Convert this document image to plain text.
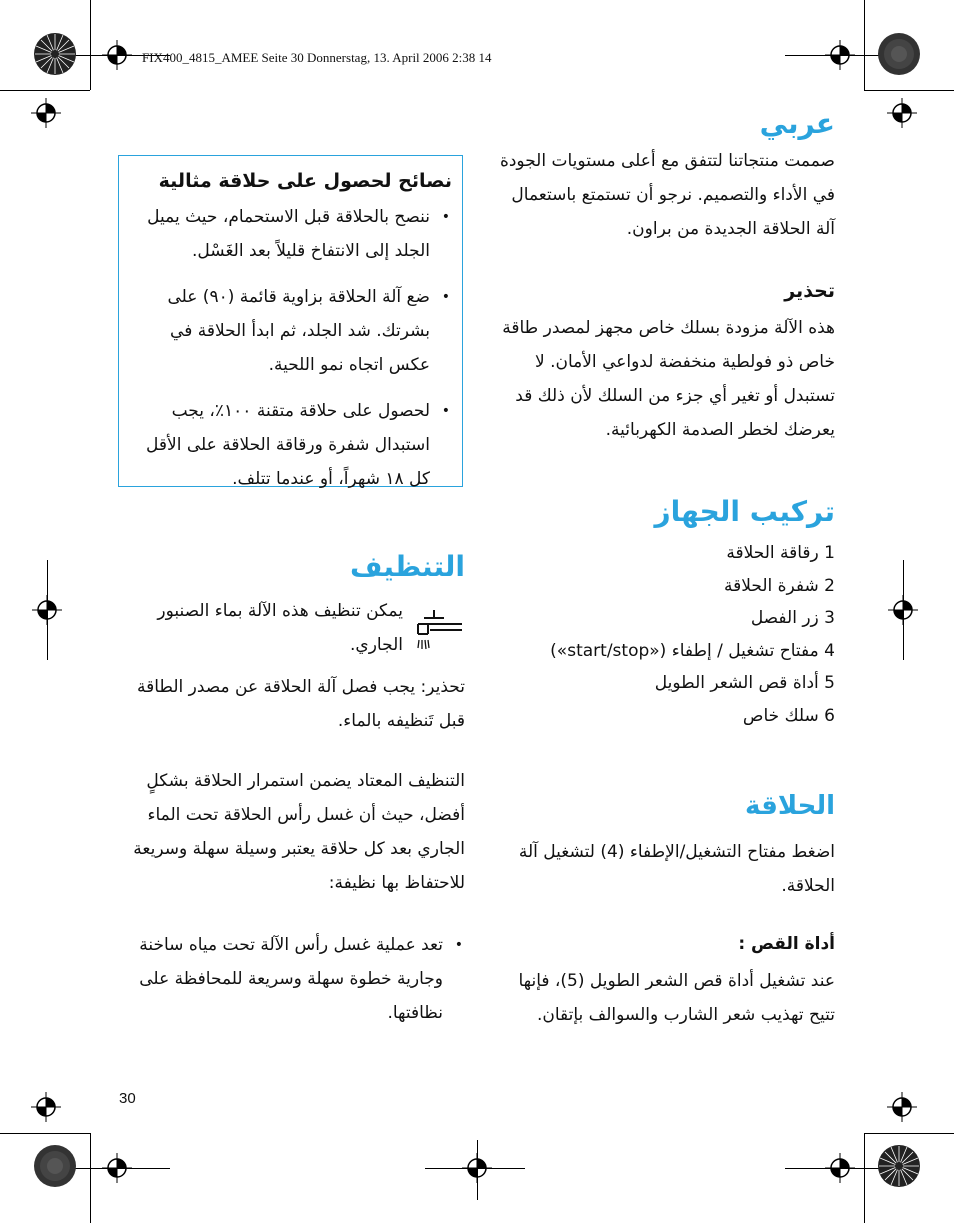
FIX400_4815_AMEE Seite 30 Donnerstag, 13. April 2006 2:38 14
عربي
صممت منتجاتنا لتتفق مع أعلى مستويات الجودة في الأداء والتصميم. نرجو أن تستمتع باستعمال آلة الحلاقة الجديدة من براون.
تحذير
هذه الآلة مزودة بسلك خاص مجهز لمصدر طاقة خاص ذو فولطية منخفضة لدواعي الأمان. لا تستبدل أو تغير أي جزء من السلك لأن ذلك قد يعرضك لخطر الصدمة الكهربائية.
تركيب الجهاز
1 رقاقة الحلاقة
2 شفرة الحلاقة
3 زر الفصل
4 مفتاح تشغيل / إطفاء («start/stop»)
5 أداة قص الشعر الطويل
6 سلك خاص
الحلاقة
اضغط مفتاح التشغيل/الإطفاء (4) لتشغيل آلة الحلاقة.
أداة القص :
عند تشغيل أداة قص الشعر الطويل (5)، فإنها تتيح تهذيب شعر الشارب والسوالف بإتقان.
نصائح لحصول على حلاقة مثالية
• ننصح بالحلاقة قبل الاستحمام، حيث يميل الجلد إلى الانتفاخ قليلاً بعد الغَسْل.
• ضع آلة الحلاقة بزاوية قائمة (٩٠) على بشرتك. شد الجلد، ثم ابدأ الحلاقة في عكس اتجاه نمو اللحية.
• لحصول على حلاقة متقنة ١٠٠٪، يجب استبدال شفرة ورقاقة الحلاقة على الأقل كل ١٨ شهراً، أو عندما تتلف.
التنظيف
يمكن تنظيف هذه الآلة بماء الصنبور الجاري.
تحذير: يجب فصل آلة الحلاقة عن مصدر الطاقة قبل تَنظيفه بالماء.
التنظيف المعتاد يضمن استمرار الحلاقة بشكلٍ أفضل، حيث أن غسل رأس الحلاقة تحت الماء الجاري بعد كل حلاقة يعتبر وسيلة سهلة وسريعة للاحتفاظ بها نظيفة:
• تعد عملية غسل رأس الآلة تحت مياه ساخنة وجارية خطوة سهلة وسريعة للمحافظة على نظافتها.
30
